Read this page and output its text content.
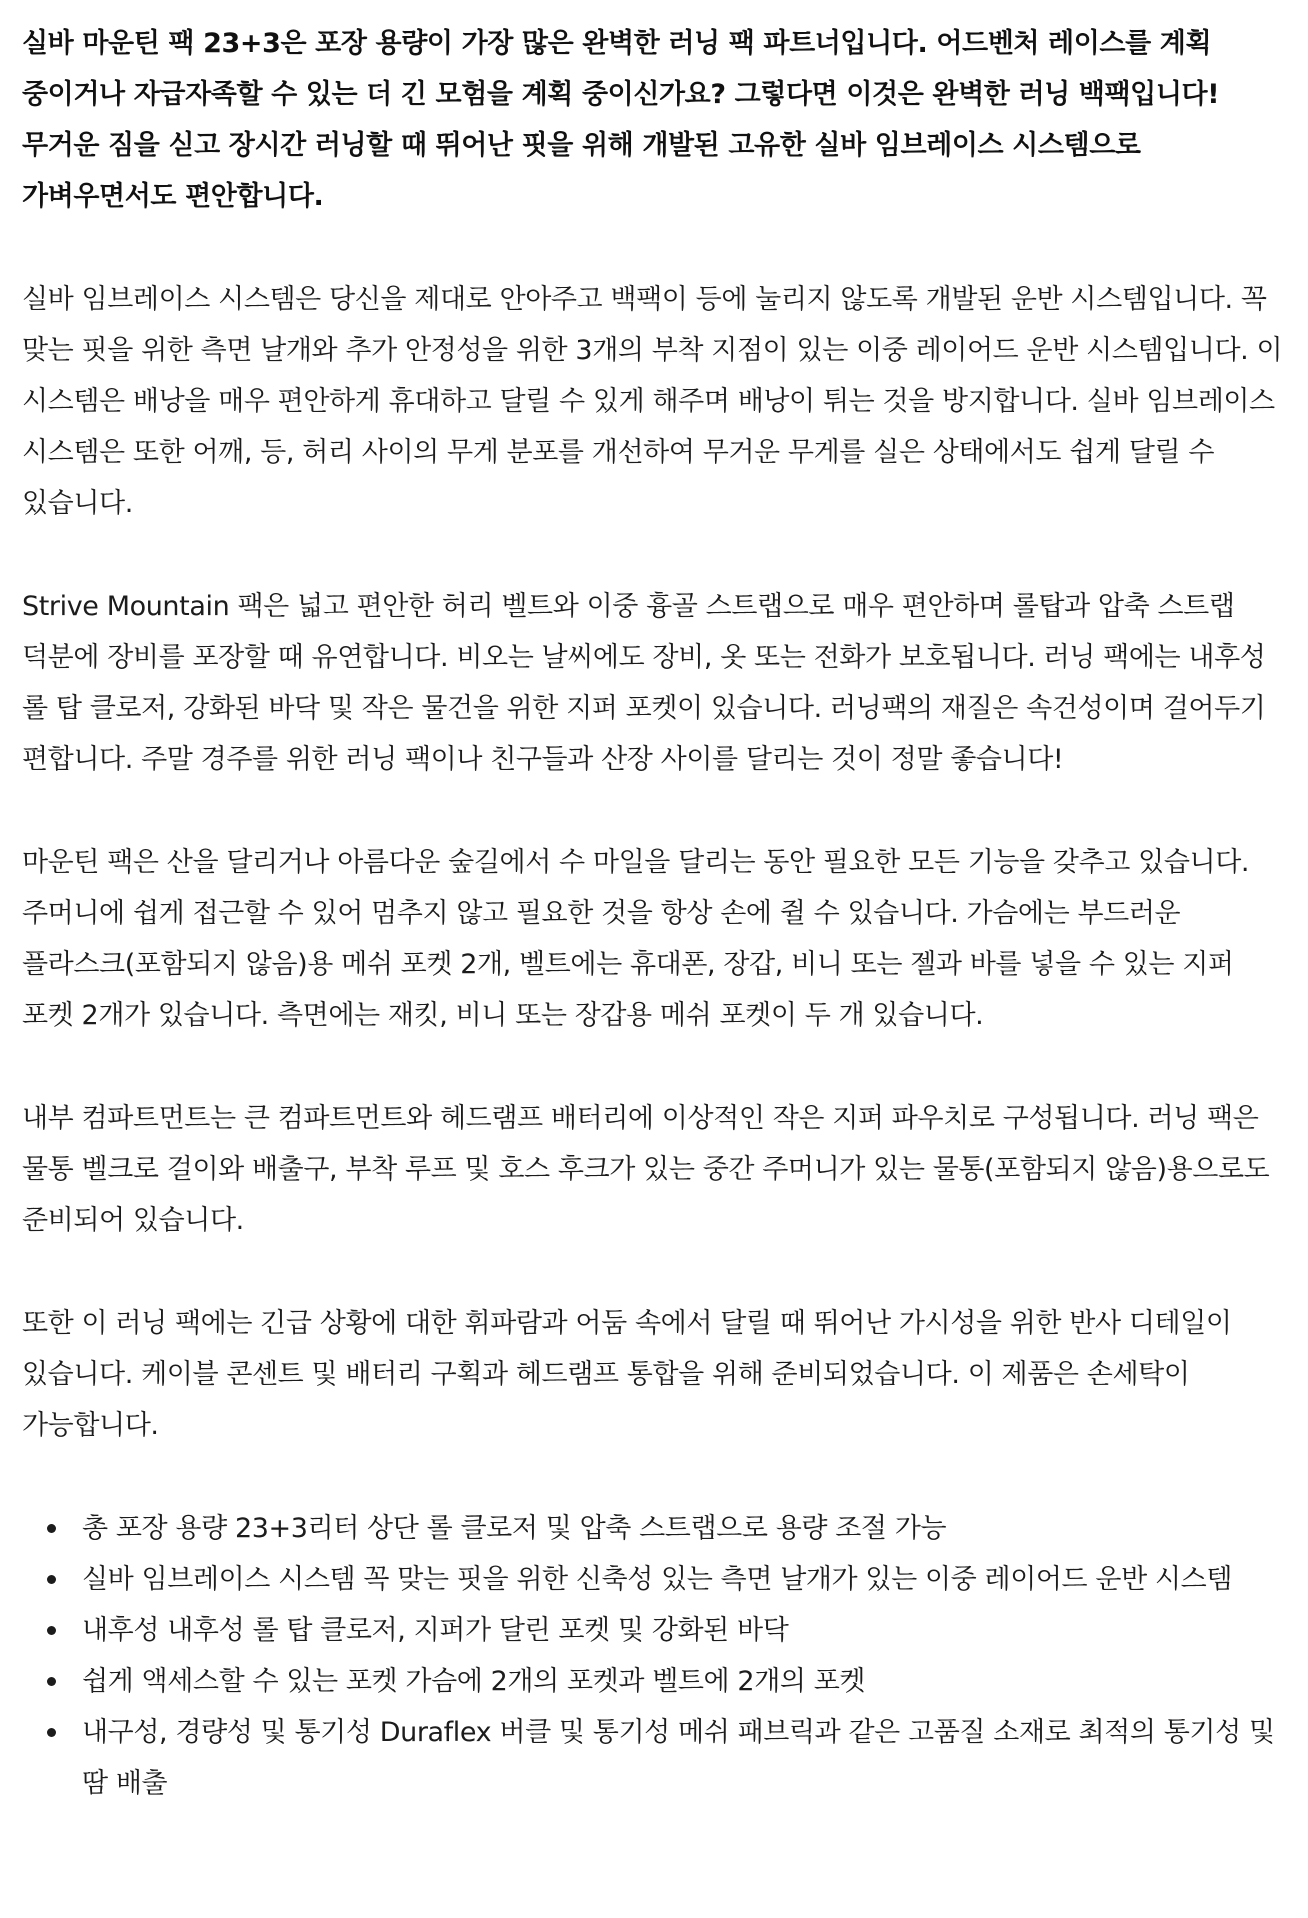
실바 마운틴 팩 23+3은 포장 용량이 가장 많은 완벽한 러닝 팩 파트너입니다. 어드벤처 레이스를 계획 중이거나 자급자족할 수 있는 더 긴 모험을 계획 중이신가요? 그렇다면 이것은 완벽한 러닝 백팩입니다! 무거운 짐을 싣고 장시간 러닝할 때 뛰어난 핏을 위해 개발된 고유한 실바 임브레이스 시스템으로 가벼우면서도 편안합니다.

실바 임브레이스 시스템은 당신을 제대로 안아주고 백팩이 등에 눌리지 않도록 개발된 운반 시스템입니다. 꼭 맞는 핏을 위한 측면 날개와 추가 안정성을 위한 3개의 부착 지점이 있는 이중 레이어드 운반 시스템입니다. 이 시스템은 배낭을 매우 편안하게 휴대하고 달릴 수 있게 해주며 배낭이 튀는 것을 방지합니다. 실바 임브레이스 시스템은 또한 어깨, 등, 허리 사이의 무게 분포를 개선하여 무거운 무게를 실은 상태에서도 쉽게 달릴 수 있습니다.

Strive Mountain 팩은 넓고 편안한 허리 벨트와 이중 흉골 스트랩으로 매우 편안하며 롤탑과 압축 스트랩 덕분에 장비를 포장할 때 유연합니다. 비오는 날씨에도 장비, 옷 또는 전화가 보호됩니다. 러닝 팩에는 내후성 롤 탑 클로저, 강화된 바닥 및 작은 물건을 위한 지퍼 포켓이 있습니다. 러닝팩의 재질은 속건성이며 걸어두기 편합니다. 주말 경주를 위한 러닝 팩이나 친구들과 산장 사이를 달리는 것이 정말 좋습니다!

마운틴 팩은 산을 달리거나 아름다운 숲길에서 수 마일을 달리는 동안 필요한 모든 기능을 갖추고 있습니다. 주머니에 쉽게 접근할 수 있어 멈추지 않고 필요한 것을 항상 손에 쥘 수 있습니다. 가슴에는 부드러운 플라스크(포함되지 않음)용 메쉬 포켓 2개, 벨트에는 휴대폰, 장갑, 비니 또는 젤과 바를 넣을 수 있는 지퍼 포켓 2개가 있습니다. 측면에는 재킷, 비니 또는 장갑용 메쉬 포켓이 두 개 있습니다.

내부 컴파트먼트는 큰 컴파트먼트와 헤드램프 배터리에 이상적인 작은 지퍼 파우치로 구성됩니다. 러닝 팩은 물통 벨크로 걸이와 배출구, 부착 루프 및 호스 후크가 있는 중간 주머니가 있는 물통(포함되지 않음)용으로도 준비되어 있습니다.

또한 이 러닝 팩에는 긴급 상황에 대한 휘파람과 어둠 속에서 달릴 때 뛰어난 가시성을 위한 반사 디테일이 있습니다. 케이블 콘센트 및 배터리 구획과 헤드램프 통합을 위해 준비되었습니다. 이 제품은 손세탁이 가능합니다.

총 포장 용량 23+3리터 상단 롤 클로저 및 압축 스트랩으로 용량 조절 가능
실바 임브레이스 시스템 꼭 맞는 핏을 위한 신축성 있는 측면 날개가 있는 이중 레이어드 운반 시스템
내후성 내후성 롤 탑 클로저, 지퍼가 달린 포켓 및 강화된 바닥
쉽게 액세스할 수 있는 포켓 가슴에 2개의 포켓과 벨트에 2개의 포켓
내구성, 경량성 및 통기성 Duraflex 버클 및 통기성 메쉬 패브릭과 같은 고품질 소재로 최적의 통기성 및 땀 배출
